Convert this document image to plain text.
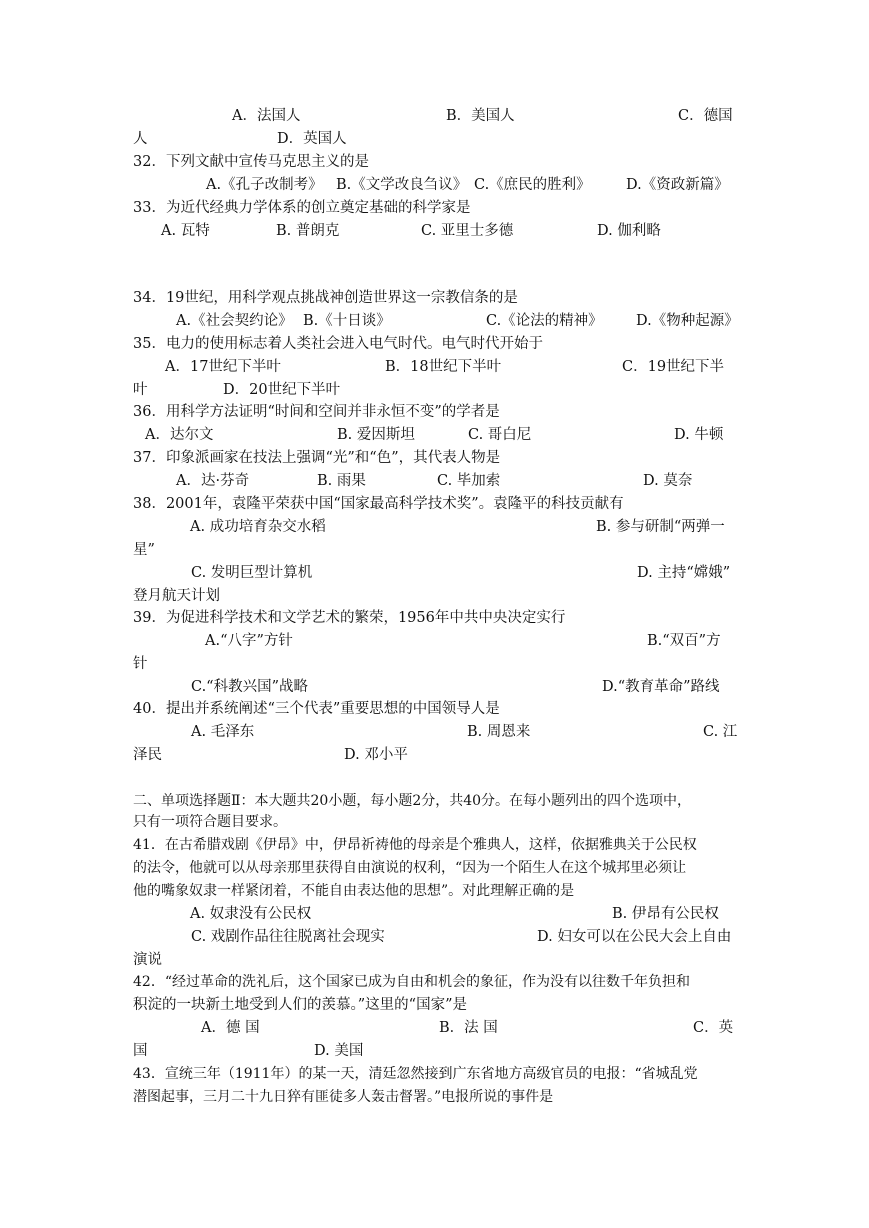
A．法国人	B．美国人	C．德国
人	D．英国人
32．下列文献中宣传马克思主义的是
A.《孔子改制考》 B.《文学改良刍议》 C.《庶民的胜利》 D.《资政新篇》
33．为近代经典力学体系的创立奠定基础的科学家是
A. 瓦特	B. 普朗克	C. 亚里士多德	D. 伽利略
34．19世纪，用科学观点挑战神创造世界这一宗教信条的是
A.《社会契约论》 B.《十日谈》	C.《论法的精神》 D.《物种起源》
35．电力的使用标志着人类社会进入电气时代。电气时代开始于
A．17世纪下半叶	B．18世纪下半叶	C．19世纪下半
叶	D．20世纪下半叶
36．用科学方法证明“时间和空间并非永恒不变”的学者是
A．达尔文	B. 爱因斯坦	C. 哥白尼	D. 牛顿
37．印象派画家在技法上强调“光”和“色”，其代表人物是
A．达·芬奇	B. 雨果	C. 毕加索	D. 莫奈
38．2001年，袁隆平荣获中国“国家最高科学技术奖”。袁隆平的科技贡献有
A. 成功培育杂交水稻	B. 参与研制“两弹一
星”
C. 发明巨型计算机	D. 主持“嫦娥”
登月航天计划
39．为促进科学技术和文学艺术的繁荣，1956年中共中央决定实行
A.“八字”方针	B.“双百”方
针
C.“科教兴国”战略	D.“教育革命”路线
40．提出并系统阐述“三个代表”重要思想的中国领导人是
A. 毛泽东	B. 周恩来	C. 江
泽民	D. 邓小平
二、单项选择题Ⅱ：本大题共20小题，每小题2分，共40分。在每小题列出的四个选项中，
只有一项符合题目要求。
41．在古希腊戏剧《伊昂》中，伊昂祈祷他的母亲是个雅典人，这样，依据雅典关于公民权
的法令，他就可以从母亲那里获得自由演说的权利，“因为一个陌生人在这个城邦里必须让
他的嘴象奴隶一样紧闭着，不能自由表达他的思想”。对此理解正确的是
A. 奴隶没有公民权	B. 伊昂有公民权
C. 戏剧作品往往脱离社会现实	D. 妇女可以在公民大会上自由
演说
42．“经过革命的洗礼后，这个国家已成为自由和机会的象征，作为没有以往数千年负担和
积淀的一块新土地受到人们的羡慕。”这里的“国家”是
A．德 国	B．法 国	C．英
国	D. 美国
43．宣统三年（1911年）的某一天，清廷忽然接到广东省地方高级官员的电报：“省城乱党
潜图起事，三月二十九日猝有匪徒多人轰击督署。”电报所说的事件是
